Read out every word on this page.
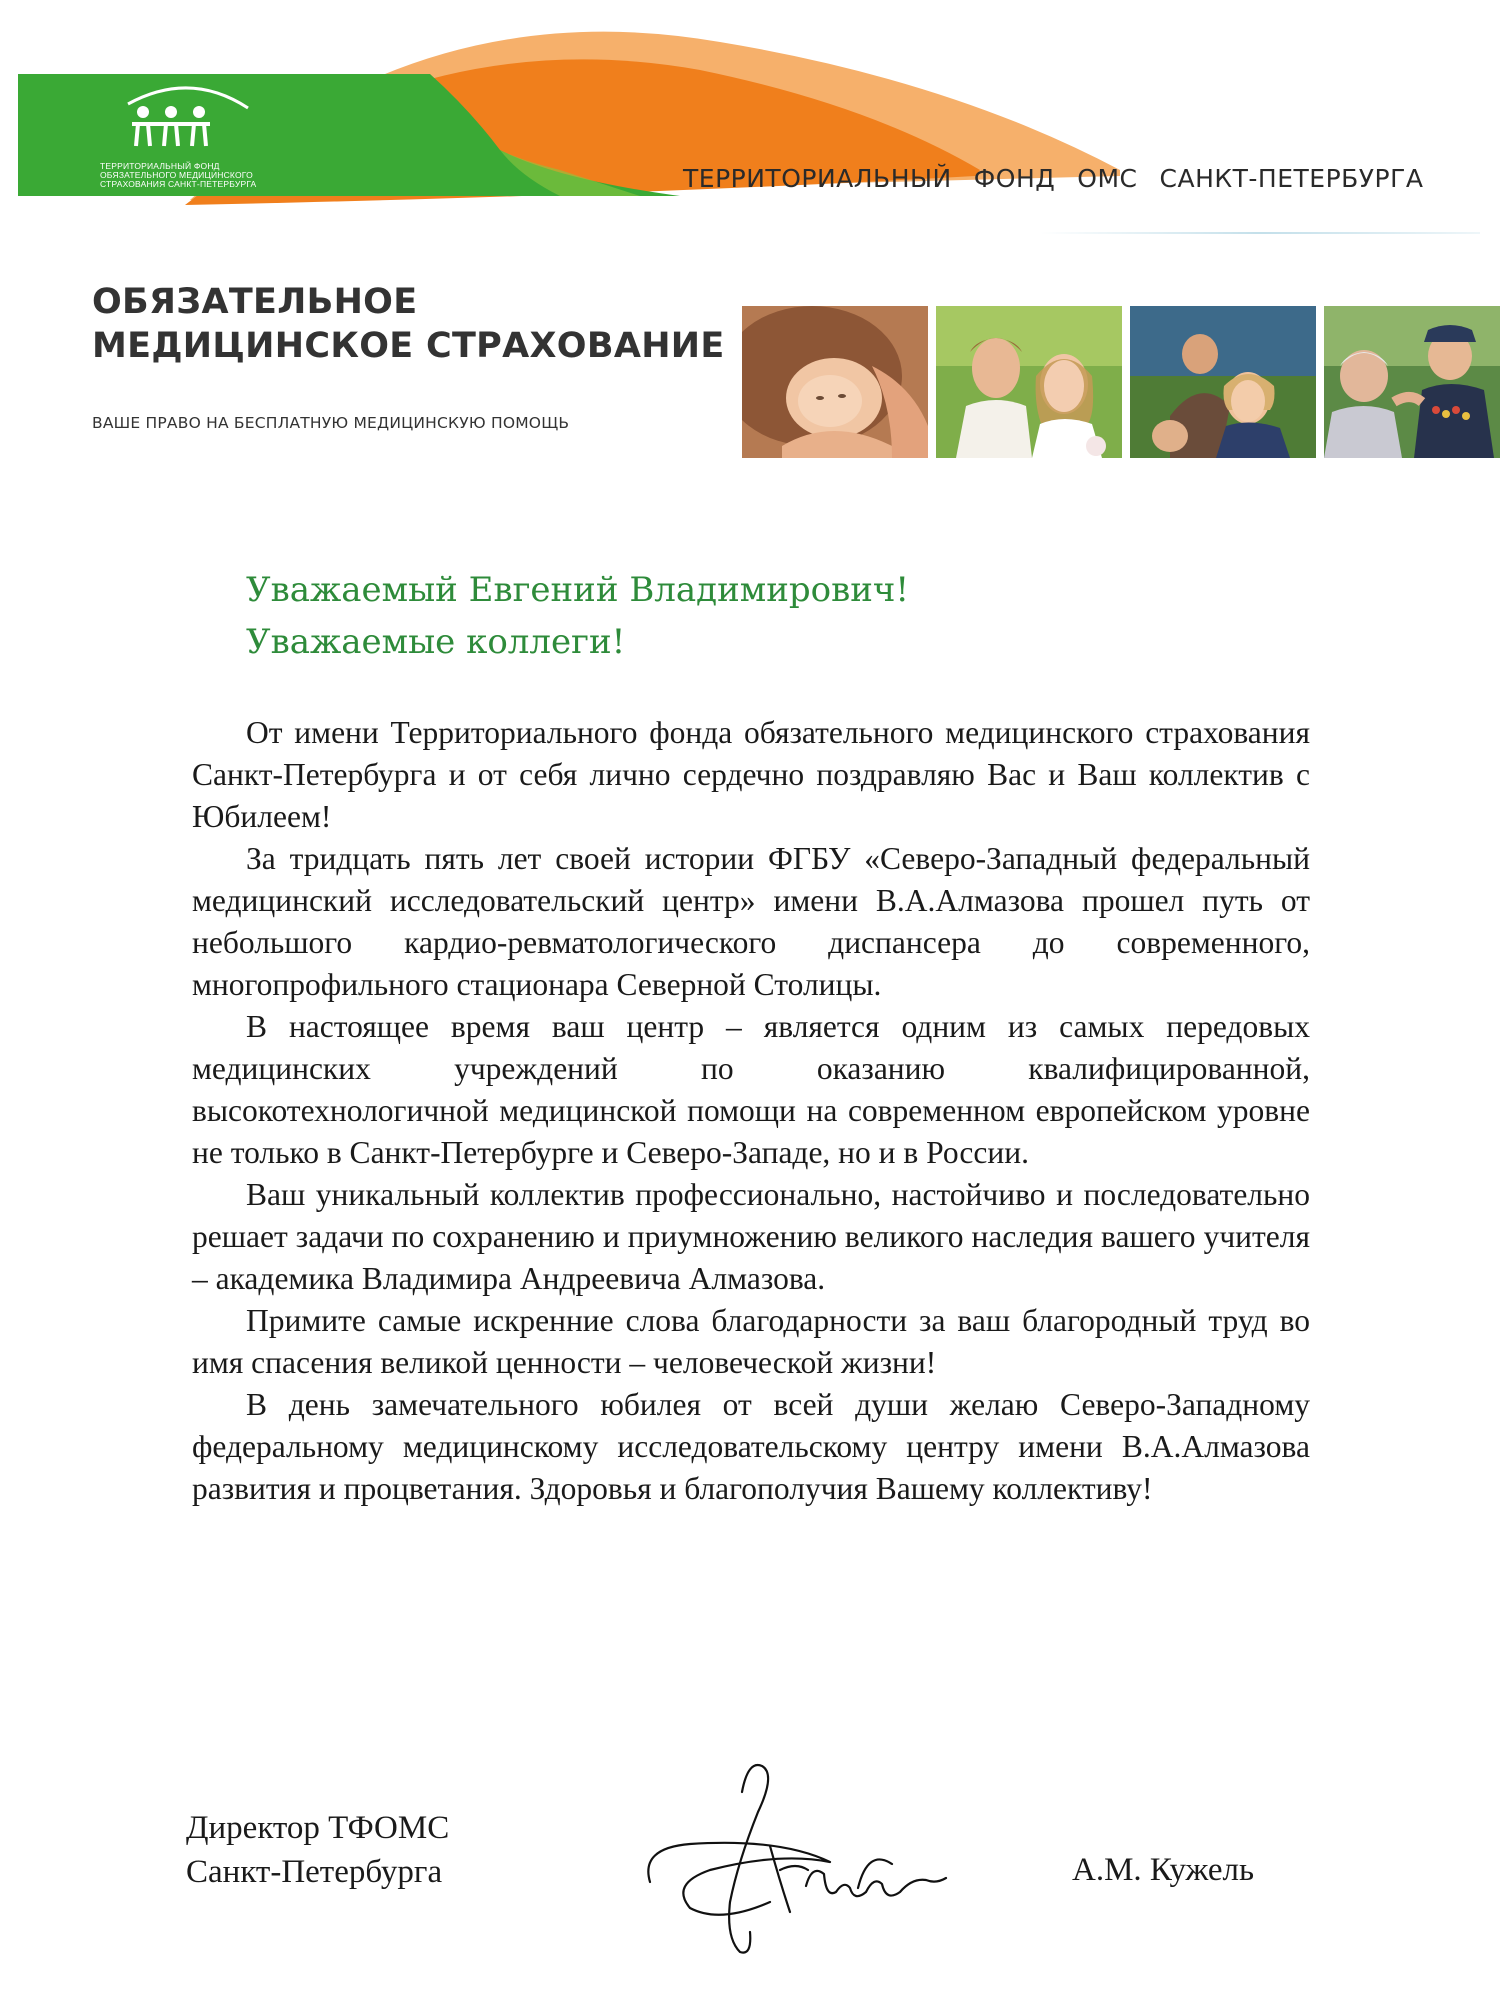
ТЕРРИТОРИАЛЬНЫЙ ФОНД
ОБЯЗАТЕЛЬНОГО МЕДИЦИНСКОГО
СТРАХОВАНИЯ САНКТ-ПЕТЕРБУРГА	ТЕРРИТОРИАЛЬНЫЙ ФОНД ОМС САНКТ-ПЕТЕРБУРГА
ОБЯЗАТЕЛЬНОЕ
МЕДИЦИНСКОЕ СТРАХОВАНИЕ
ВАШЕ ПРАВО НА БЕСПЛАТНУЮ МЕДИЦИНСКУЮ ПОМОЩЬ
Уважаемый Евгений Владимирович!
Уважаемые коллеги!

От имени Территориального фонда обязательного медицинского страхования Санкт-Петербурга и от себя лично сердечно поздравляю Вас и Ваш коллектив с Юбилеем!

За тридцать пять лет своей истории ФГБУ «Северо-Западный федеральный медицинский исследовательский центр» имени В.А.Алмазова прошел путь от небольшого кардио-ревматологического диспансера до современного, многопрофильного стационара Северной Столицы.

В настоящее время ваш центр – является одним из самых передовых медицинских учреждений по оказанию квалифицированной, высокотехнологичной медицинской помощи на современном европейском уровне не только в Санкт-Петербурге и Северо-Западе, но и в России.

Ваш уникальный коллектив профессионально, настойчиво и последовательно решает задачи по сохранению и приумножению великого наследия вашего учителя – академика Владимира Андреевича Алмазова.

Примите самые искренние слова благодарности за ваш благородный труд во имя спасения великой ценности – человеческой жизни!

В день замечательного юбилея от всей души желаю Северо-Западному федеральному медицинскому исследовательскому центру имени В.А.Алмазова развития и процветания. Здоровья и благополучия Вашему коллективу!

Директор ТФОМС
Санкт-Петербурга	А.М. Кужель
